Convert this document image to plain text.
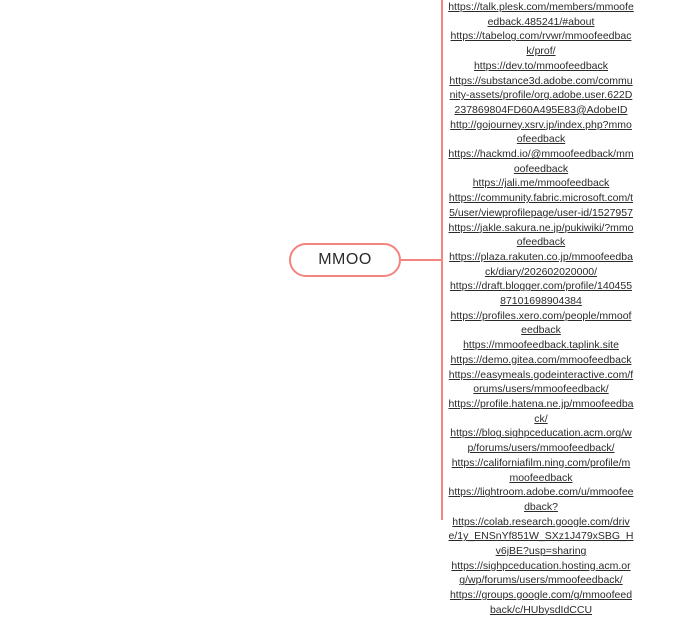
MMOO
https://talk.plesk.com/members/mmoofeedback.485241/#about
https://tabelog.com/rvwr/mmoofeedback/prof/
https://dev.to/mmoofeedback
https://substance3d.adobe.com/community-assets/profile/org.adobe.user.622D237869804FD60A495E83@AdobeID
http://gojourney.xsrv.jp/index.php?mmoofeedback
https://hackmd.io/@mmoofeedback/mmoofeedback
https://jali.me/mmoofeedback
https://community.fabric.microsoft.com/t5/user/viewprofilepage/user-id/1527957
https://jakle.sakura.ne.jp/pukiwiki/?mmoofeedback
https://plaza.rakuten.co.jp/mmoofeedback/diary/202602020000/
https://draft.blogger.com/profile/14045587101698904384
https://profiles.xero.com/people/mmoofeedback
https://mmoofeedback.taplink.site
https://demo.gitea.com/mmoofeedback
https://easymeals.godeinteractive.com/forums/users/mmoofeedback/
https://profile.hatena.ne.jp/mmoofeedback/
https://blog.sighpceducation.acm.org/wp/forums/users/mmoofeedback/
https://californiafilm.ning.com/profile/mmoofeedback
https://lightroom.adobe.com/u/mmoofeedback?
https://colab.research.google.com/drive/1y_ENSnYf851W_SXz1J479xSBG_Hv6jBE?usp=sharing
https://sighpceducation.hosting.acm.org/wp/forums/users/mmoofeedback/
https://groups.google.com/g/mmoofeedback/c/HUbysdIdCCU
